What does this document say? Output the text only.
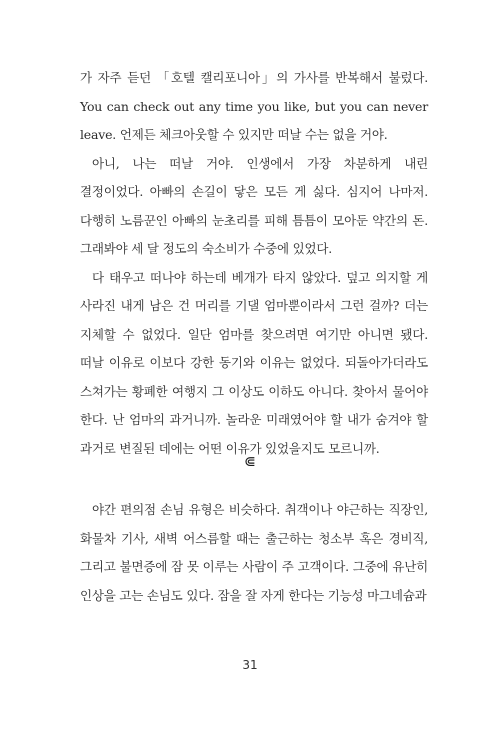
가 자주 듣던 「호텔 캘리포니아」의 가사를 반복해서 불렀다. You can check out any time you like, but you can never leave. 언제든 체크아웃할 수 있지만 떠날 수는 없을 거야.

아니, 나는 떠날 거야. 인생에서 가장 차분하게 내린 결정이었다. 아빠의 손길이 닿은 모든 게 싫다. 심지어 나마저. 다행히 노름꾼인 아빠의 눈초리를 피해 틈틈이 모아둔 약간의 돈. 그래봐야 세 달 정도의 숙소비가 수중에 있었다.

다 태우고 떠나야 하는데 베개가 타지 않았다. 덮고 의지할 게 사라진 내게 남은 건 머리를 기댈 엄마뿐이라서 그런 걸까? 더는 지체할 수 없었다. 일단 엄마를 찾으려면 여기만 아니면 됐다. 떠날 이유로 이보다 강한 동기와 이유는 없었다. 되돌아가더라도 스쳐가는 황폐한 여행지 그 이상도 이하도 아니다. 찾아서 물어야 한다. 난 엄마의 과거니까. 놀라운 미래였어야 할 내가 숨겨야 할 과거로 변질된 데에는 어떤 이유가 있었을지도 모르니까.

⋐

야간 편의점 손님 유형은 비슷하다. 취객이나 야근하는 직장인, 화물차 기사, 새벽 어스름할 때는 출근하는 청소부 혹은 경비직, 그리고 불면증에 잠 못 이루는 사람이 주 고객이다. 그중에 유난히 인상을 고는 손님도 있다. 잠을 잘 자게 한다는 기능성 마그네슘과

31
